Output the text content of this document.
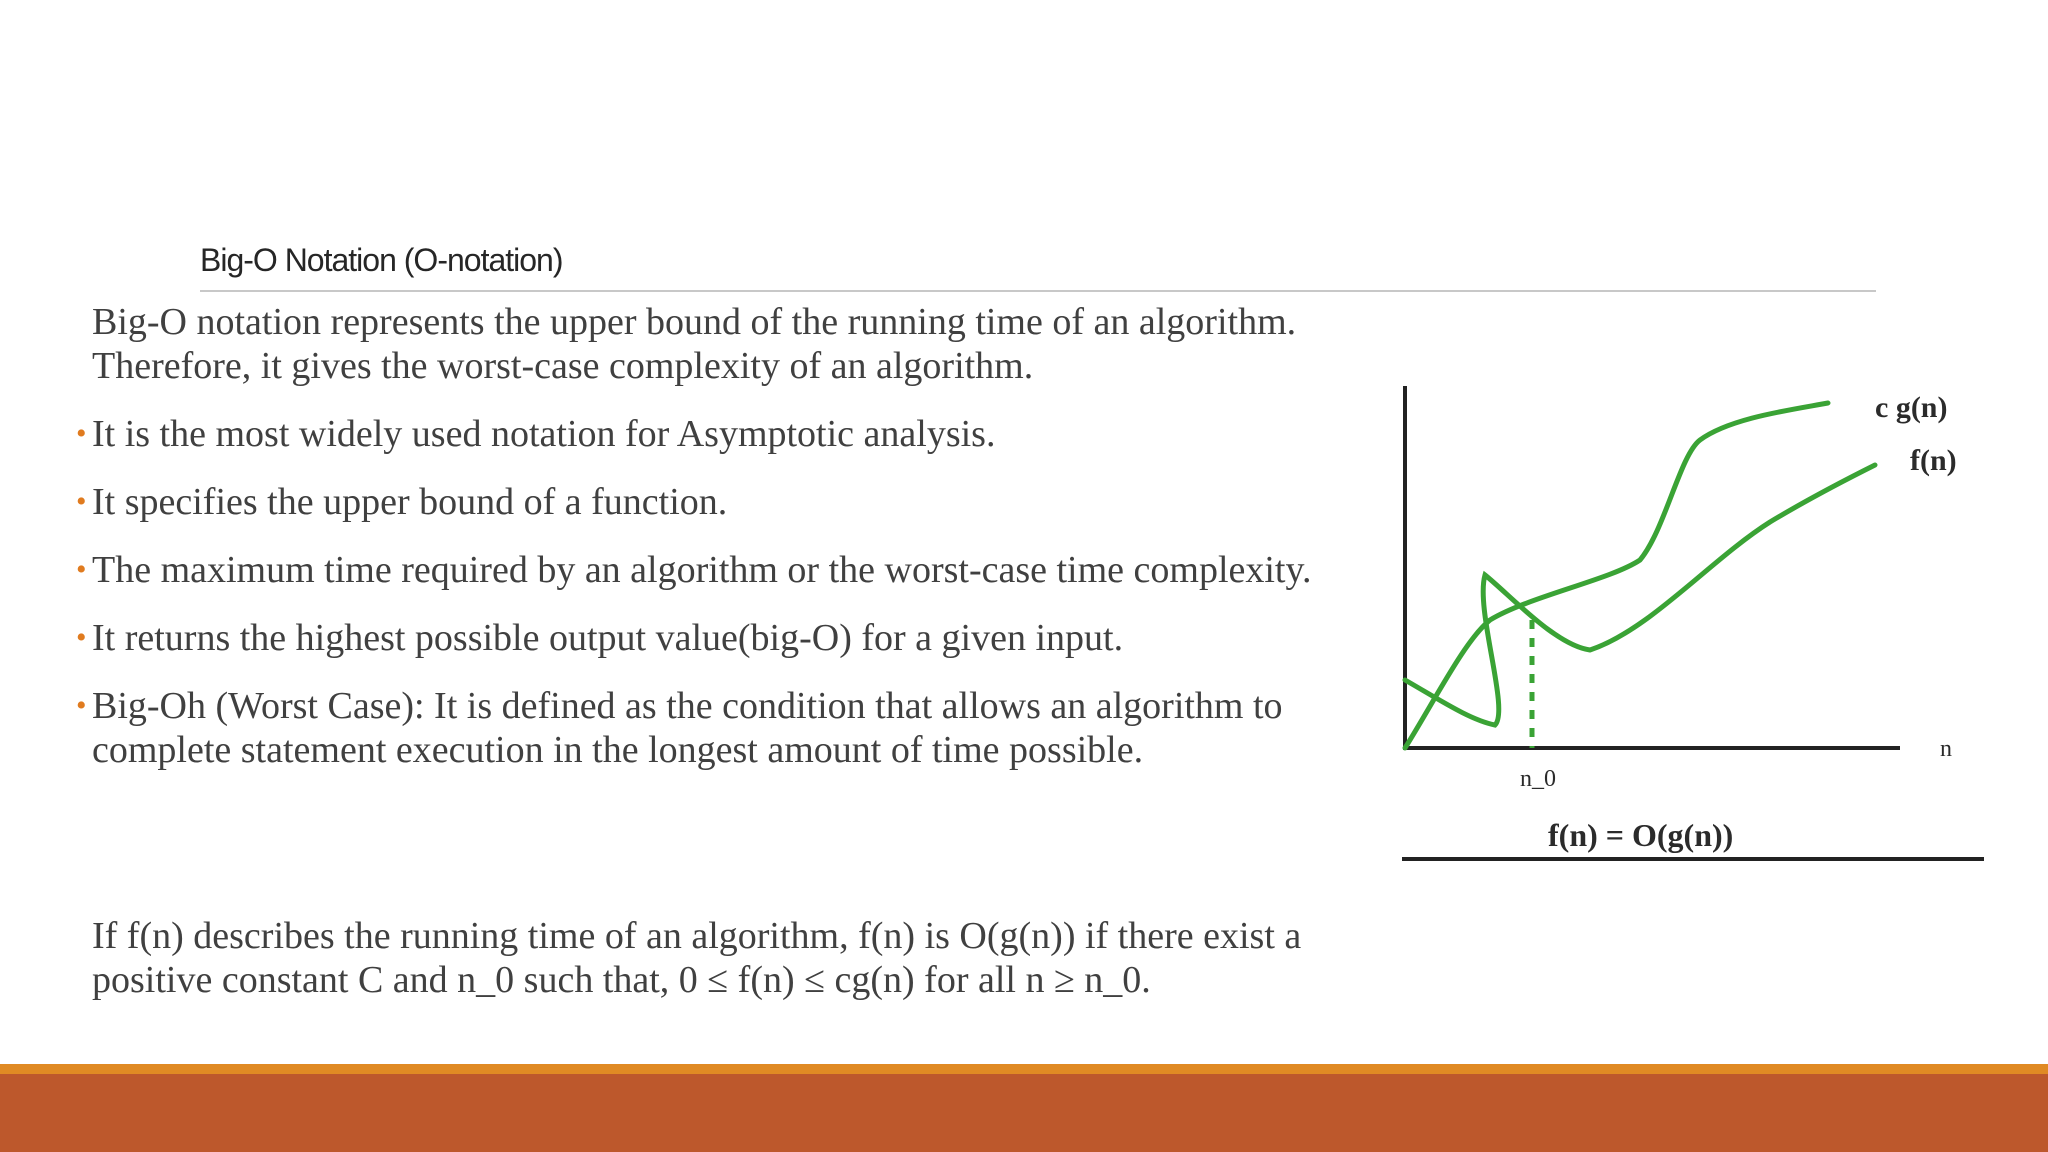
Big-O Notation (O-notation)
Big-O notation represents the upper bound of the running time of an algorithm. Therefore, it gives the worst-case complexity of an algorithm.
• It is the most widely used notation for Asymptotic analysis.
• It specifies the upper bound of a function.
• The maximum time required by an algorithm or the worst-case time complexity.
• It returns the highest possible output value(big-O) for a given input.
• Big-Oh (Worst Case): It is defined as the condition that allows an algorithm to complete statement execution in the longest amount of time possible.
If f(n) describes the running time of an algorithm, f(n) is O(g(n)) if there exist a positive constant C and n_0 such that, 0 ≤ f(n) ≤ cg(n) for all n ≥ n_0.
c g(n)
f(n)
n
n_0
f(n) = O(g(n))
